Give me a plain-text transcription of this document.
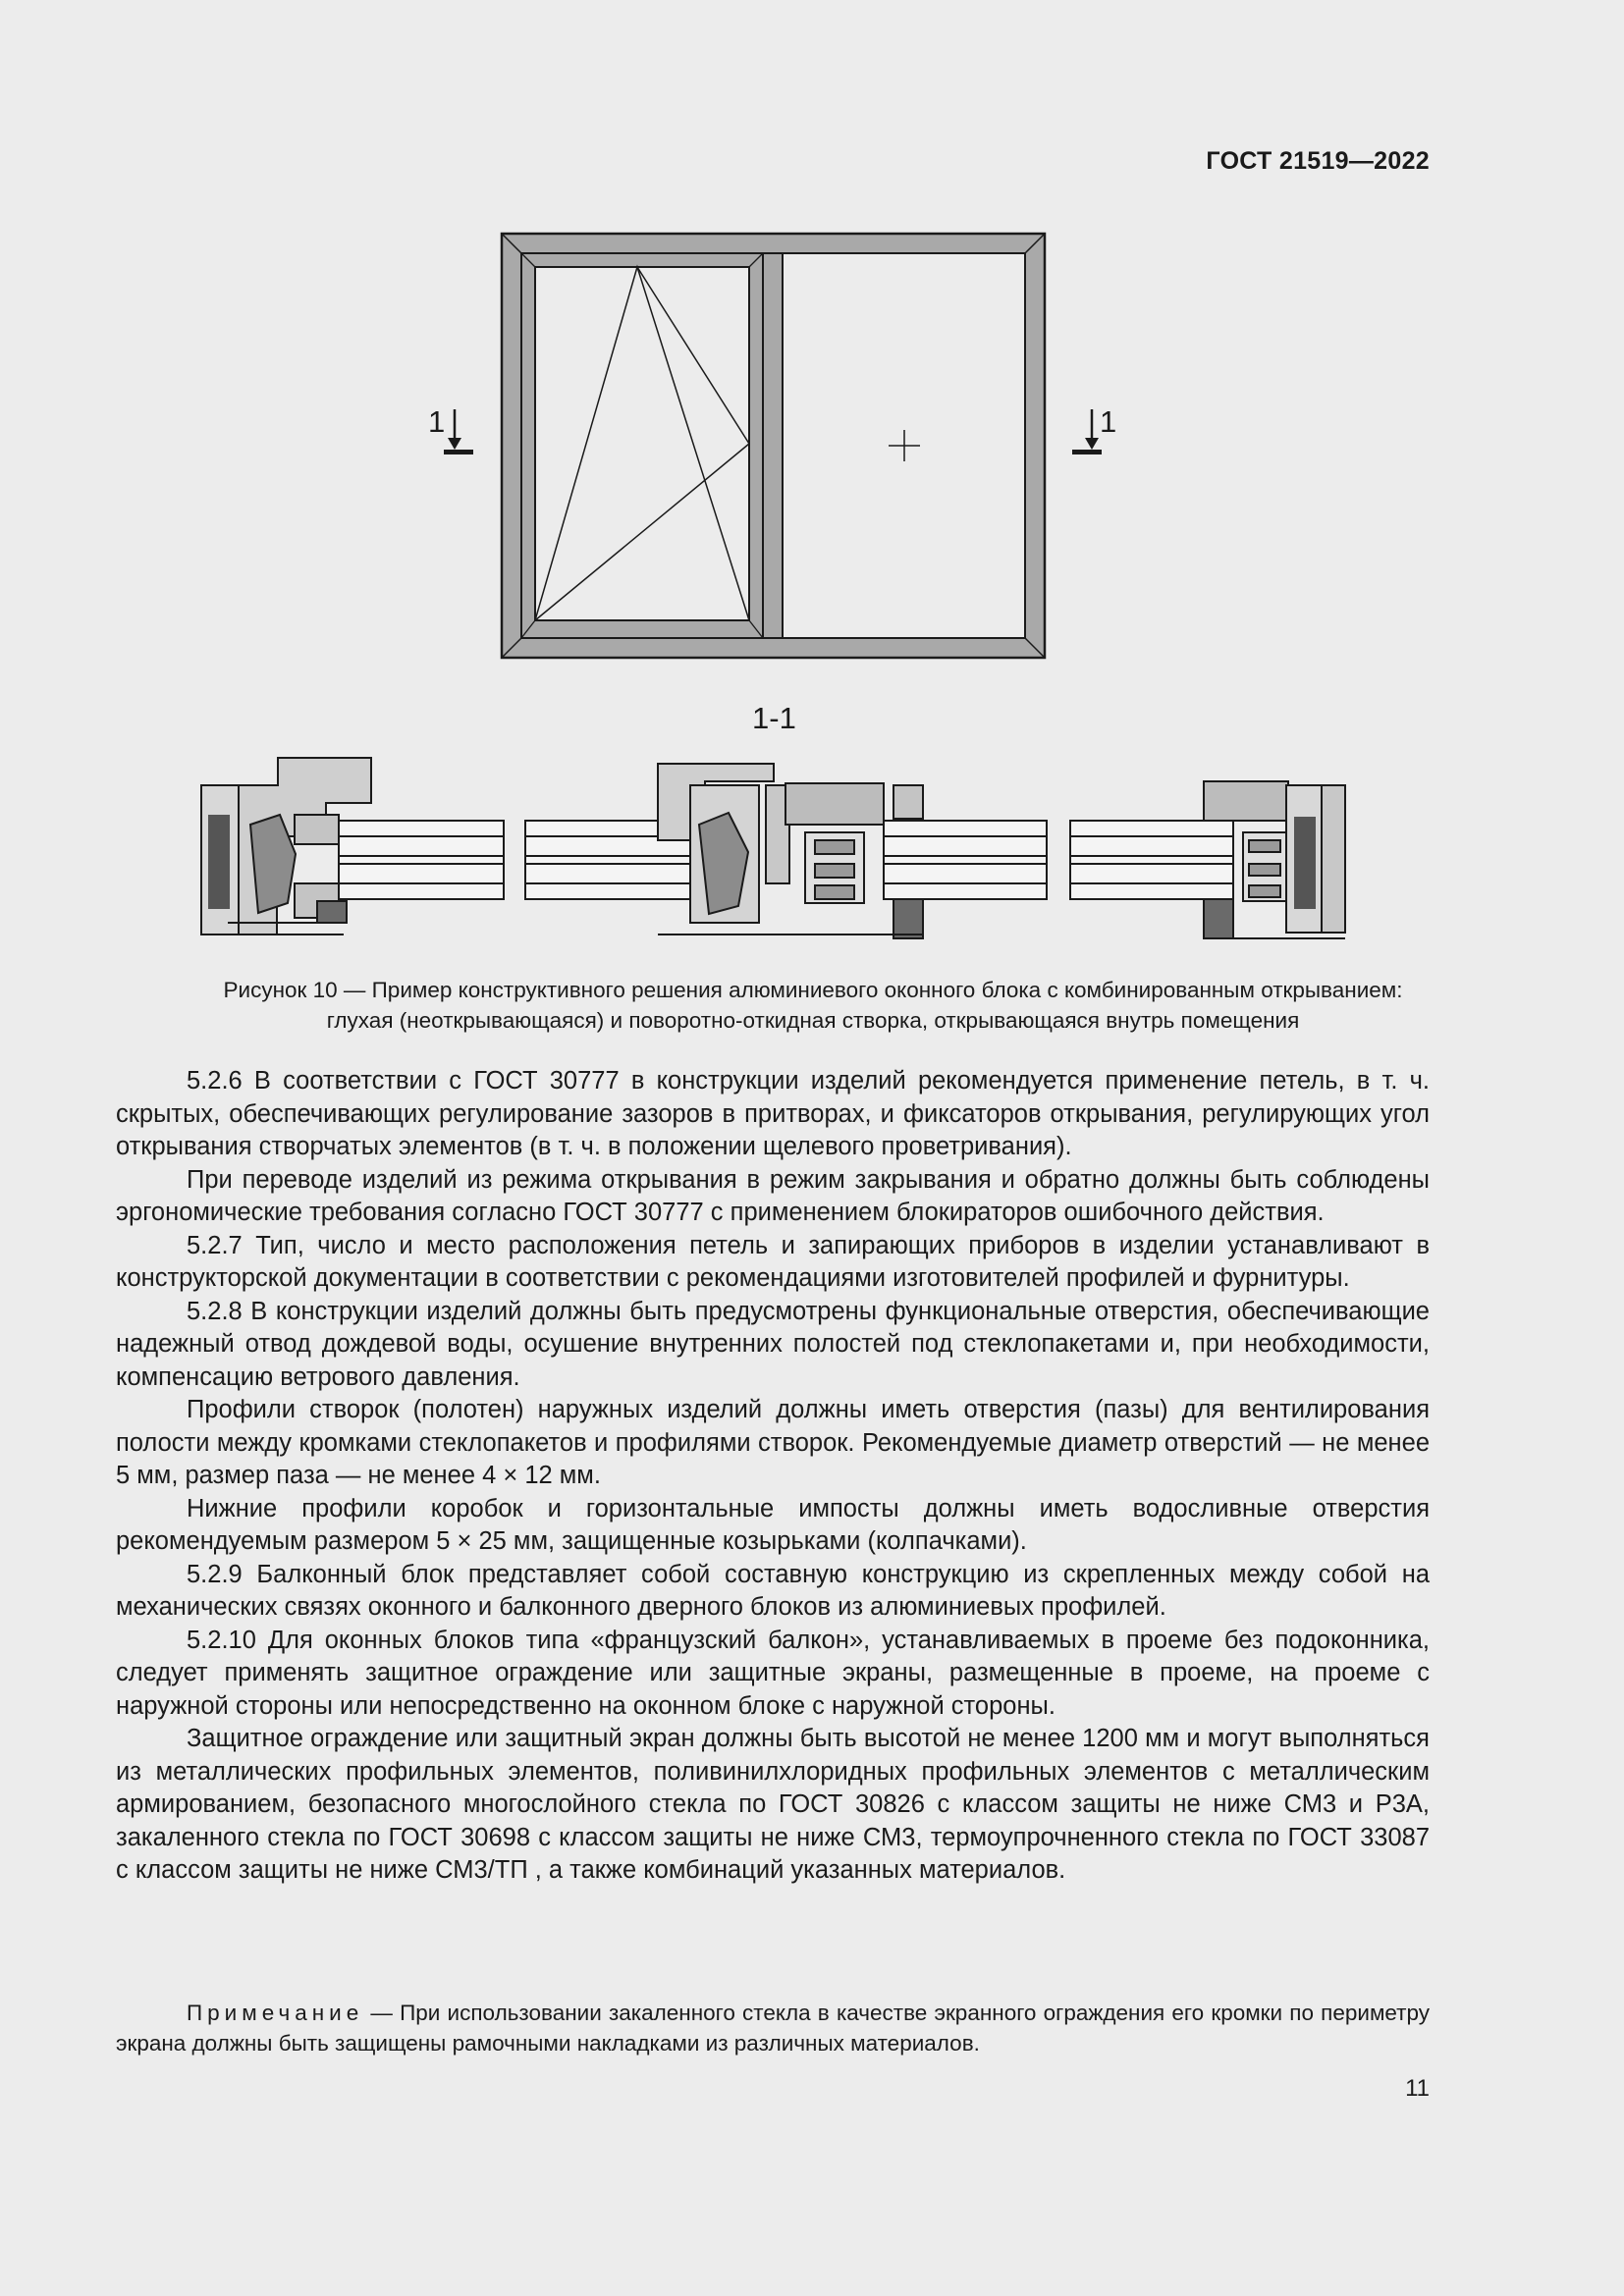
ГОСТ 21519—2022
1	1
1-1
Рисунок 10 — Пример конструктивного решения алюминиевого оконного блока с комбинированным открыванием:
глухая (неоткрывающаяся) и поворотно-откидная створка, открывающаяся внутрь помещения

5.2.6 В соответствии с ГОСТ 30777 в конструкции изделий рекомендуется применение петель, в т. ч. скрытых, обеспечивающих регулирование зазоров в притворах, и фиксаторов открывания, регулирующих угол открывания створчатых элементов (в т. ч. в положении щелевого проветривания).

При переводе изделий из режима открывания в режим закрывания и обратно должны быть соблюдены эргономические требования согласно ГОСТ 30777 с применением блокираторов ошибочного действия.

5.2.7 Тип, число и место расположения петель и запирающих приборов в изделии устанавливают в конструкторской документации в соответствии с рекомендациями изготовителей профилей и фурнитуры.

5.2.8 В конструкции изделий должны быть предусмотрены функциональные отверстия, обеспечивающие надежный отвод дождевой воды, осушение внутренних полостей под стеклопакетами и, при необходимости, компенсацию ветрового давления.

Профили створок (полотен) наружных изделий должны иметь отверстия (пазы) для вентилирования полости между кромками стеклопакетов и профилями створок. Рекомендуемые диаметр отверстий — не менее 5 мм, размер паза — не менее 4 × 12 мм.

Нижние профили коробок и горизонтальные импосты должны иметь водосливные отверстия рекомендуемым размером 5 × 25 мм, защищенные козырьками (колпачками).

5.2.9 Балконный блок представляет собой составную конструкцию из скрепленных между собой на механических связях оконного и балконного дверного блоков из алюминиевых профилей.

5.2.10 Для оконных блоков типа «французский балкон», устанавливаемых в проеме без подоконника, следует применять защитное ограждение или защитные экраны, размещенные в проеме, на проеме с наружной стороны или непосредственно на оконном блоке с наружной стороны.

Защитное ограждение или защитный экран должны быть высотой не менее 1200 мм и могут выполняться из металлических профильных элементов, поливинилхлоридных профильных элементов с металлическим армированием, безопасного многослойного стекла по ГОСТ 30826 с классом защиты не ниже СМ3 и Р3А, закаленного стекла по ГОСТ 30698 с классом защиты не ниже СМ3, термоупрочненного стекла по ГОСТ 33087 с классом защиты не ниже СМ3/ТП , а также комбинаций указанных материалов.

Примечание — При использовании закаленного стекла в качестве экранного ограждения его кромки по периметру экрана должны быть защищены рамочными накладками из различных материалов.
11
